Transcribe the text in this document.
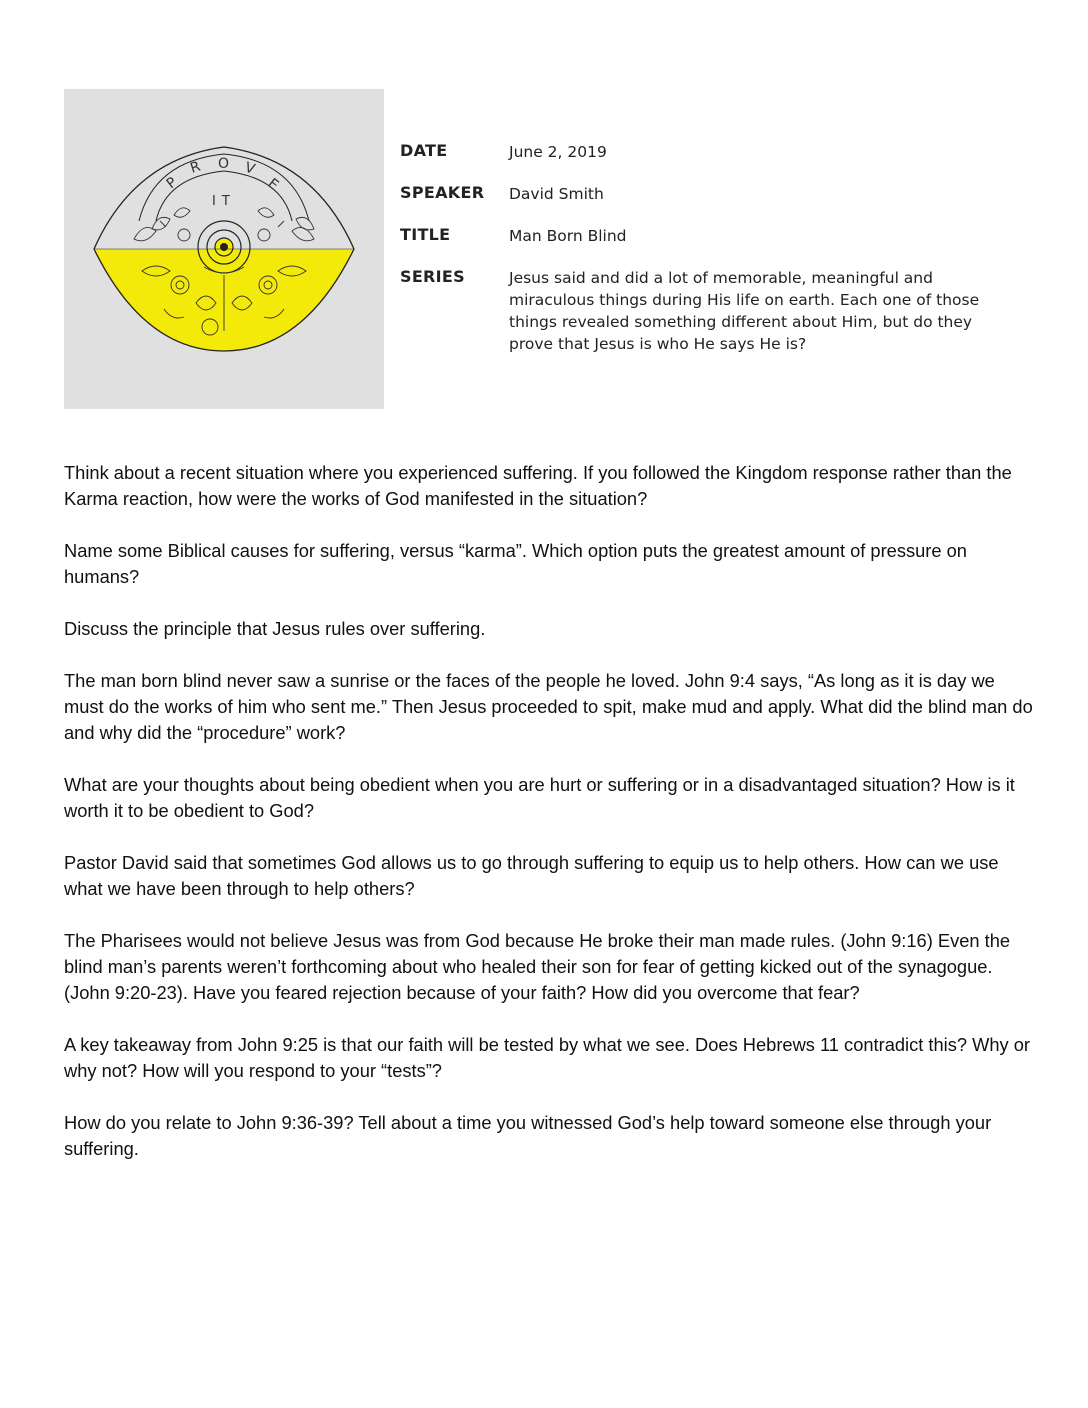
P
R O V
E
IT
DATE	June 2, 2019
SPEAKER David Smith
TITLE	Man Born Blind
SERIES	Jesus said and did a lot of memorable, meaningful and miraculous things during His life on earth. Each one of those things revealed something different about Him, but do they prove that Jesus is who He says He is?

Think about a recent situation where you experienced suffering. If you followed the Kingdom response rather than the Karma reaction, how were the works of God manifested in the situation?

Name some Biblical causes for suffering, versus “karma”. Which option puts the greatest amount of pressure on humans?

Discuss the principle that Jesus rules over suffering.

The man born blind never saw a sunrise or the faces of the people he loved. John 9:4 says, “As long as it is day we must do the works of him who sent me.” Then Jesus proceeded to spit, make mud and apply. What did the blind man do and why did the “procedure” work?

What are your thoughts about being obedient when you are hurt or suffering or in a disadvantaged situation? How is it worth it to be obedient to God?

Pastor David said that sometimes God allows us to go through suffering to equip us to help others. How can we use what we have been through to help others?

The Pharisees would not believe Jesus was from God because He broke their man made rules. (John 9:16) Even the blind man’s parents weren’t forthcoming about who healed their son for fear of getting kicked out of the synagogue. (John 9:20-23). Have you feared rejection because of your faith? How did you overcome that fear?

A key takeaway from John 9:25 is that our faith will be tested by what we see. Does Hebrews 11 contradict this? Why or why not? How will you respond to your “tests”?

How do you relate to John 9:36-39? Tell about a time you witnessed God’s help toward someone else through your suffering.
